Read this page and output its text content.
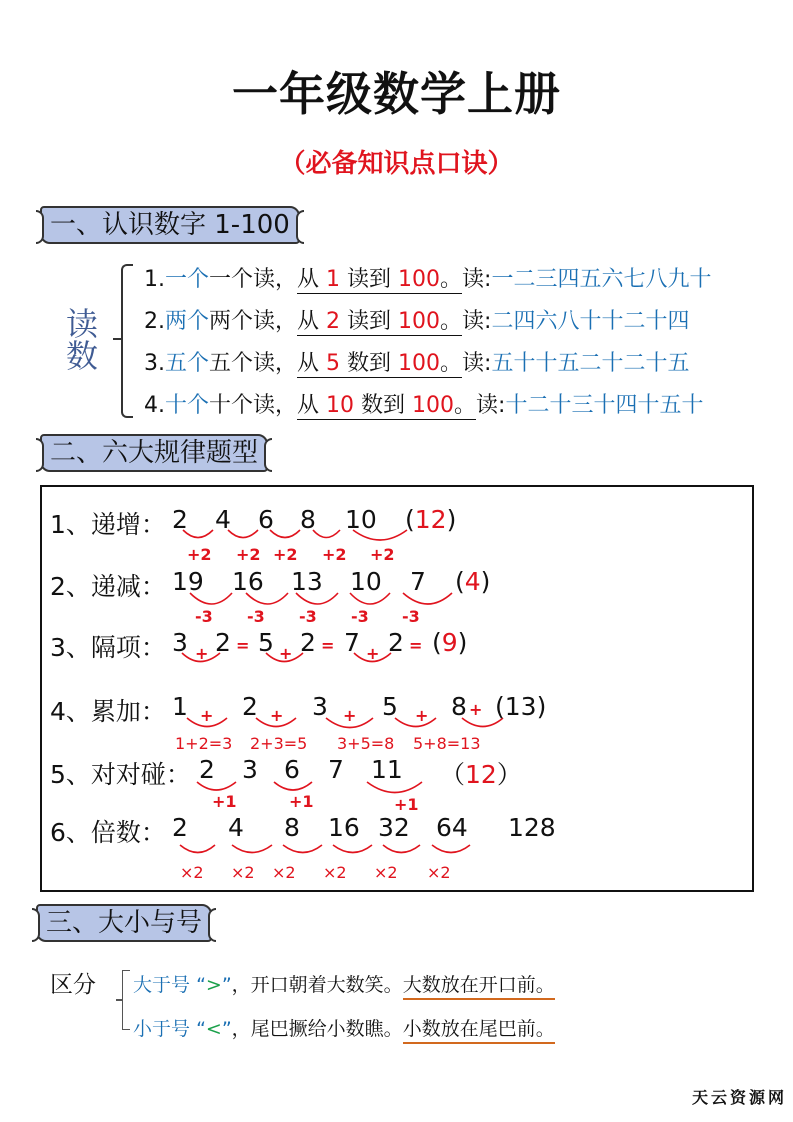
一年级数学上册
（必备知识点口诀）
一、认识数字 1-100
读数
1.一个一个读，从 1 读到 100。读:一二三四五六七八九十
2.两个两个读，从 2 读到 100。读:二四六八十十二十四
3.五个五个读，从 5 数到 100。读:五十十五二十二十五
4.十个十个读，从 10 数到 100。读:十二十三十四十五十
二、六大规律题型
1、递增： 2 4 6 8 10 (12)
+2 +2 +2 +2 +2
2、递减： 19 16 13 10 7 (4)
-3 -3 -3 -3 -3
3、隔项： 3 + 2 = 5 + 2 = 7 + 2 = (9)
4、累加： 1 + 2 + 3 + 5 + 8 + (13)
1+2=3 2+3=5 3+5=8 5+8=13
5、对对碰： 2 3 6 7 11 （12）
+1	+1	+1
6、倍数： 2 4 8 16 32 64 128
×2 ×2 ×2 ×2 ×2 ×2
三、大小与号
区分 大于号 “>”，开口朝着大数笑。大数放在开口前。
小于号 “<”，尾巴撅给小数瞧。小数放在尾巴前。
天云资源网
